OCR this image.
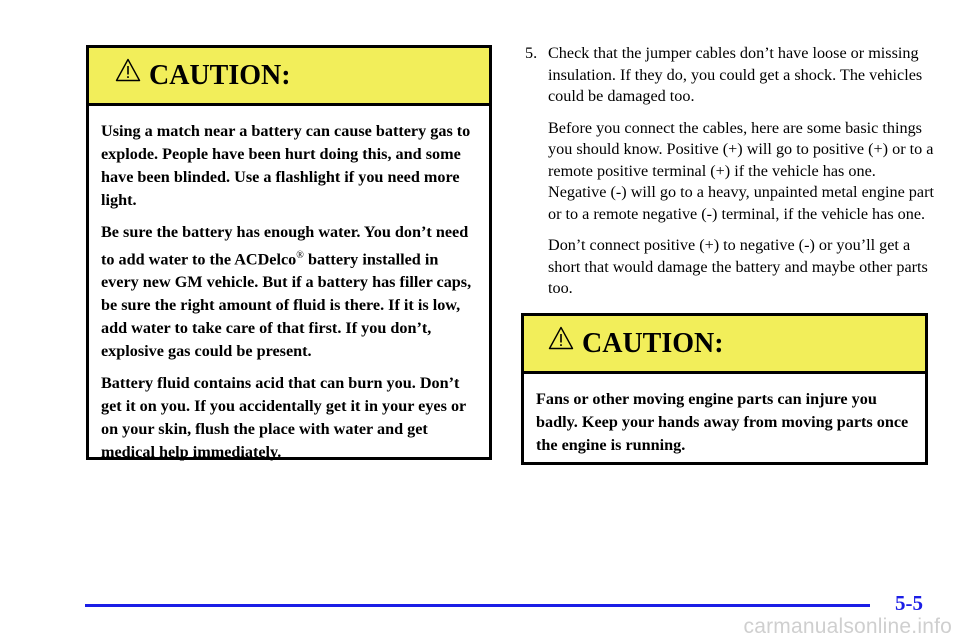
CAUTION:

Using a match near a battery can cause battery gas to explode. People have been hurt doing this, and some have been blinded. Use a flashlight if you need more light.

Be sure the battery has enough water. You don’t need to add water to the ACDelco® battery installed in every new GM vehicle. But if a battery has filler caps, be sure the right amount of fluid is there. If it is low, add water to take care of that first. If you don’t, explosive gas could be present.

Battery fluid contains acid that can burn you. Don’t get it on you. If you accidentally get it in your eyes or on your skin, flush the place with water and get medical help immediately.

5. Check that the jumper cables don’t have loose or missing insulation. If they do, you could get a shock. The vehicles could be damaged too.

Before you connect the cables, here are some basic things you should know. Positive (+) will go to positive (+) or to a remote positive terminal (+) if the vehicle has one. Negative (-) will go to a heavy, unpainted metal engine part or to a remote negative (-) terminal, if the vehicle has one.

Don’t connect positive (+) to negative (-) or you’ll get a short that would damage the battery and maybe other parts too.

CAUTION:

Fans or other moving engine parts can injure you badly. Keep your hands away from moving parts once the engine is running.

5-5
carmanualsonline.info
